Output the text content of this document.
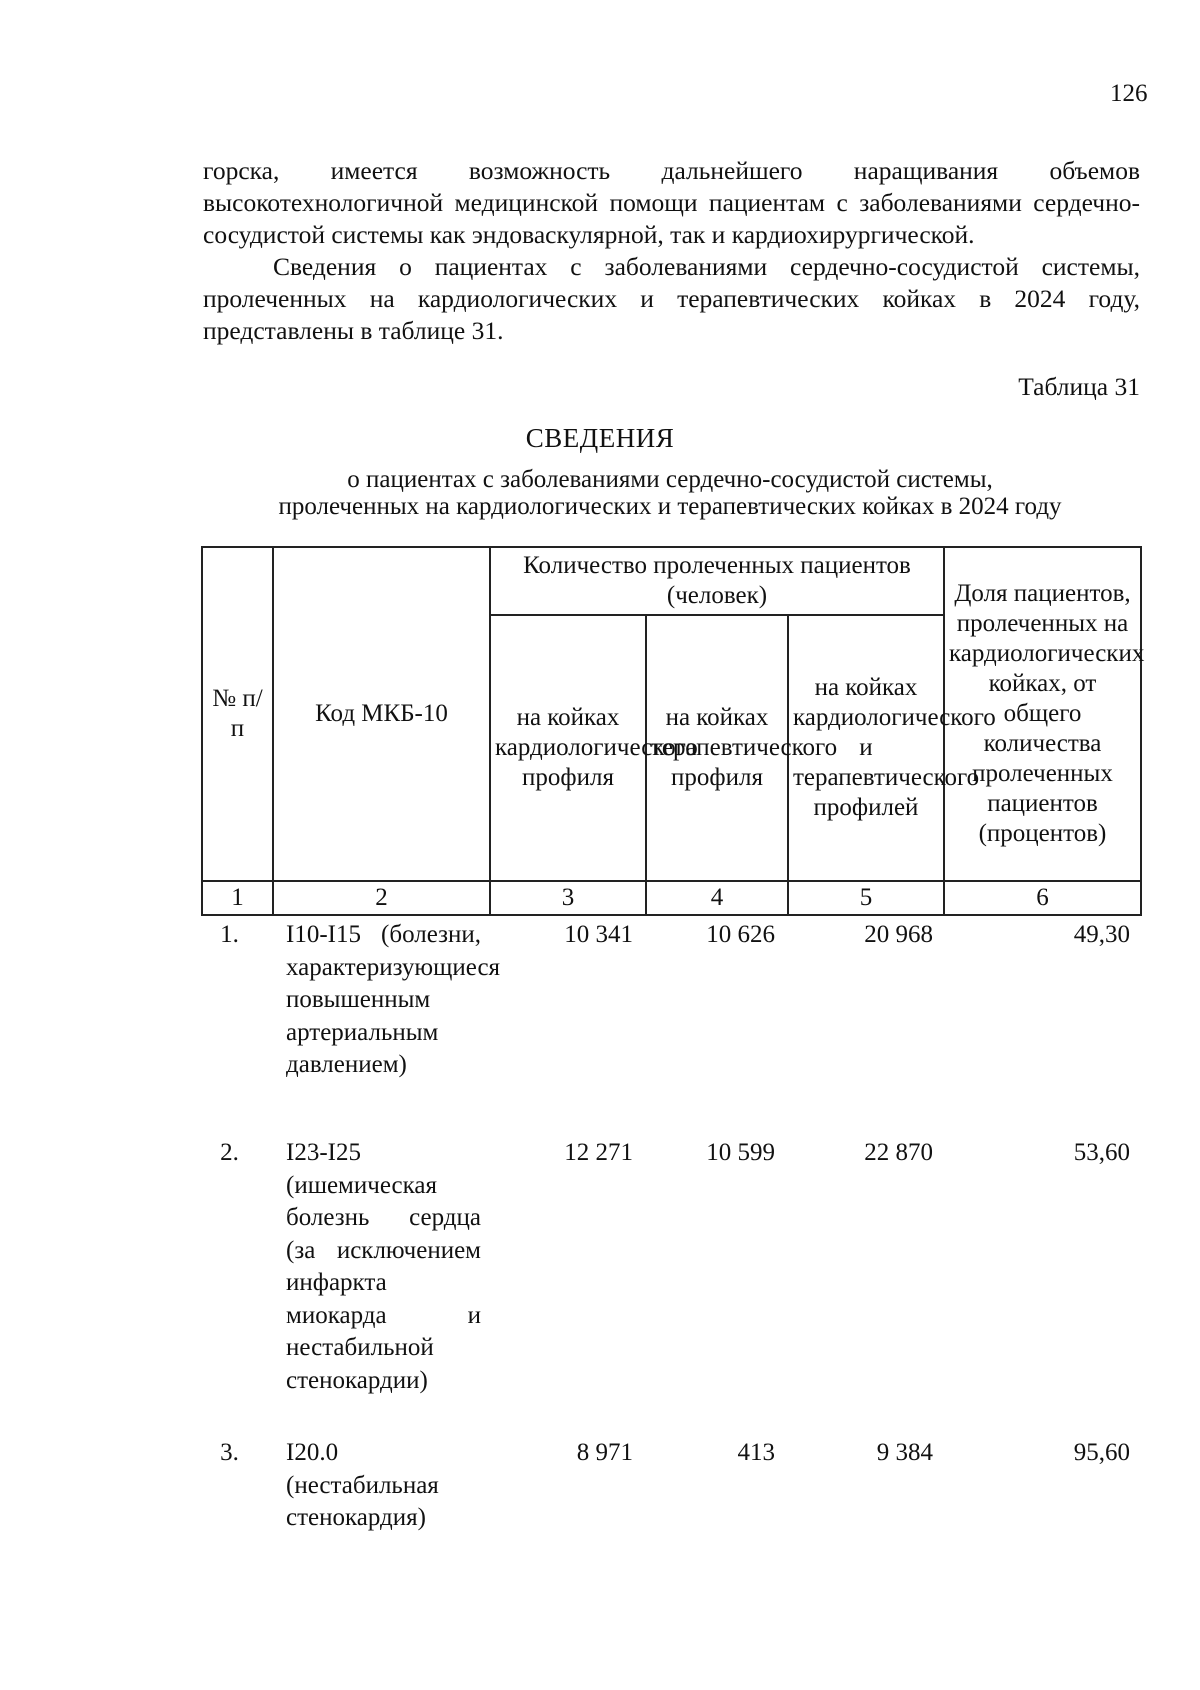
126

горска, имеется возможность дальнейшего наращивания объемов высокотехнологичной медицинской помощи пациентам с заболеваниями сердечно-сосудистой системы как эндоваскулярной, так и кардиохирургической.

Сведения о пациентах с заболеваниями сердечно-сосудистой системы, пролеченных на кардиологических и терапевтических койках в 2024 году, представлены в таблице 31.

Таблица 31
СВЕДЕНИЯ
о пациентах с заболеваниями сердечно-сосудистой системы,
пролеченных на кардиологических и терапевтических койках в 2024 году
№ п/п	Код МКБ-10	Количество пролеченных пациентов (человек)			Доля пациентов, пролеченных на кардиологических койках, от общего количества пролеченных пациентов (процентов)
		на койках кардиологического профиля	на койках терапевтического профиля	на койках кардиологического и терапевтического профилей	
1	2	3	4	5	6
1.	I10-I15 (болезни, характеризующиеся повышенным артериальным давлением)	10 341	10 626	20 968	49,30
2.	I23-I25 (ишемическая болезнь сердца (за исключением инфаркта миокарда и нестабильной стенокардии)	12 271	10 599	22 870	53,60
3.	I20.0 (нестабильная стенокардия)	8 971	413	9 384	95,60
